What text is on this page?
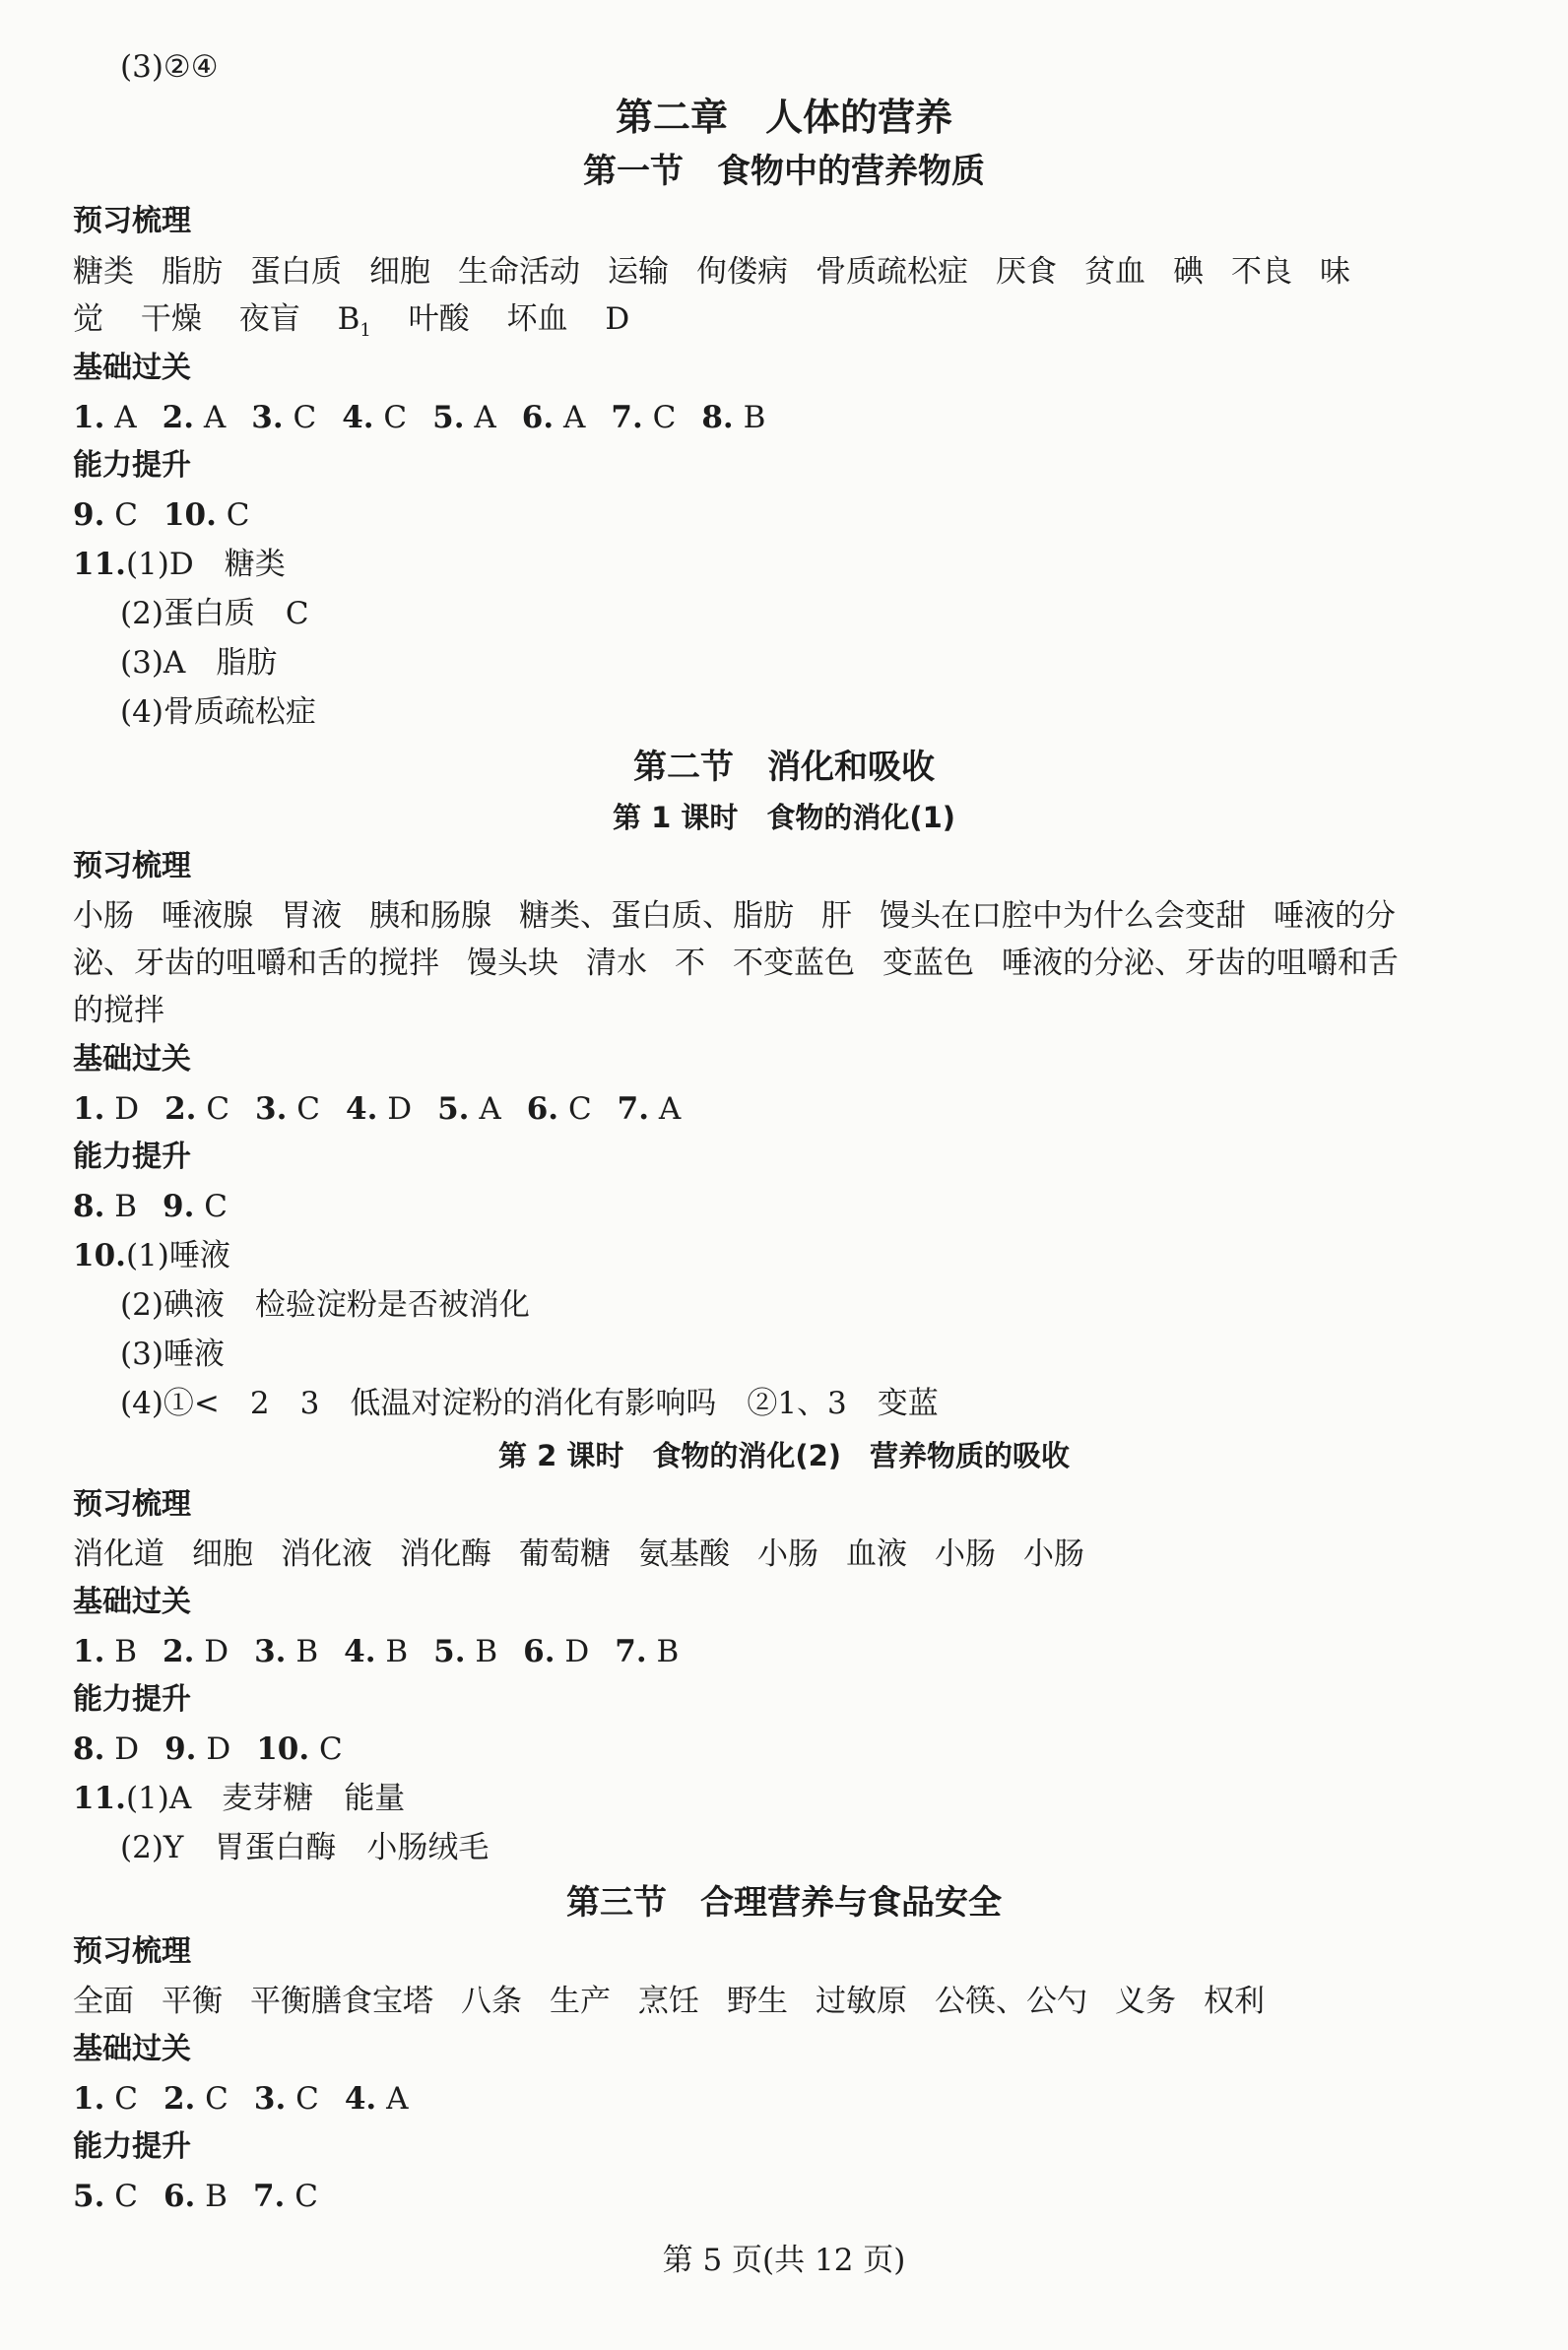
(3)②④
第二章　人体的营养
第一节　食物中的营养物质
预习梳理
糖类 脂肪 蛋白质 细胞 生命活动 运输 佝偻病 骨质疏松症 厌食 贫血 碘 不良 味
觉 干燥 夜盲 $B_1$ 叶酸 坏血 D
基础过关
1. A 2. A 3. C 4. C 5. A 6. A 7. C 8. B
能力提升
9. C 10. C
11.(1)D　糖类
(2)蛋白质　C
(3)A　脂肪
(4)骨质疏松症
第二节　消化和吸收
第 1 课时　食物的消化(1)
预习梳理
小肠 唾液腺 胃液 胰和肠腺 糖类、蛋白质、脂肪 肝 馒头在口腔中为什么会变甜 唾液的分
泌、牙齿的咀嚼和舌的搅拌 馒头块 清水 不 不变蓝色 变蓝色 唾液的分泌、牙齿的咀嚼和舌
的搅拌
基础过关
1. D 2. C 3. C 4. D 5. A 6. C 7. A
能力提升
8. B 9. C
10.(1)唾液
(2)碘液　检验淀粉是否被消化
(3)唾液
(4)①<　2　3　低温对淀粉的消化有影响吗　②1、3　变蓝
第 2 课时　食物的消化(2)　营养物质的吸收
预习梳理
消化道 细胞 消化液 消化酶 葡萄糖 氨基酸 小肠 血液 小肠 小肠
基础过关
1. B 2. D 3. B 4. B 5. B 6. D 7. B
能力提升
8. D 9. D 10. C
11.(1)A　麦芽糖　能量
(2)Y　胃蛋白酶　小肠绒毛
第三节　合理营养与食品安全
预习梳理
全面 平衡 平衡膳食宝塔 八条 生产 烹饪 野生 过敏原 公筷、公勺 义务 权利
基础过关
1. C 2. C 3. C 4. A
能力提升
5. C 6. B 7. C
第 5 页(共 12 页)
